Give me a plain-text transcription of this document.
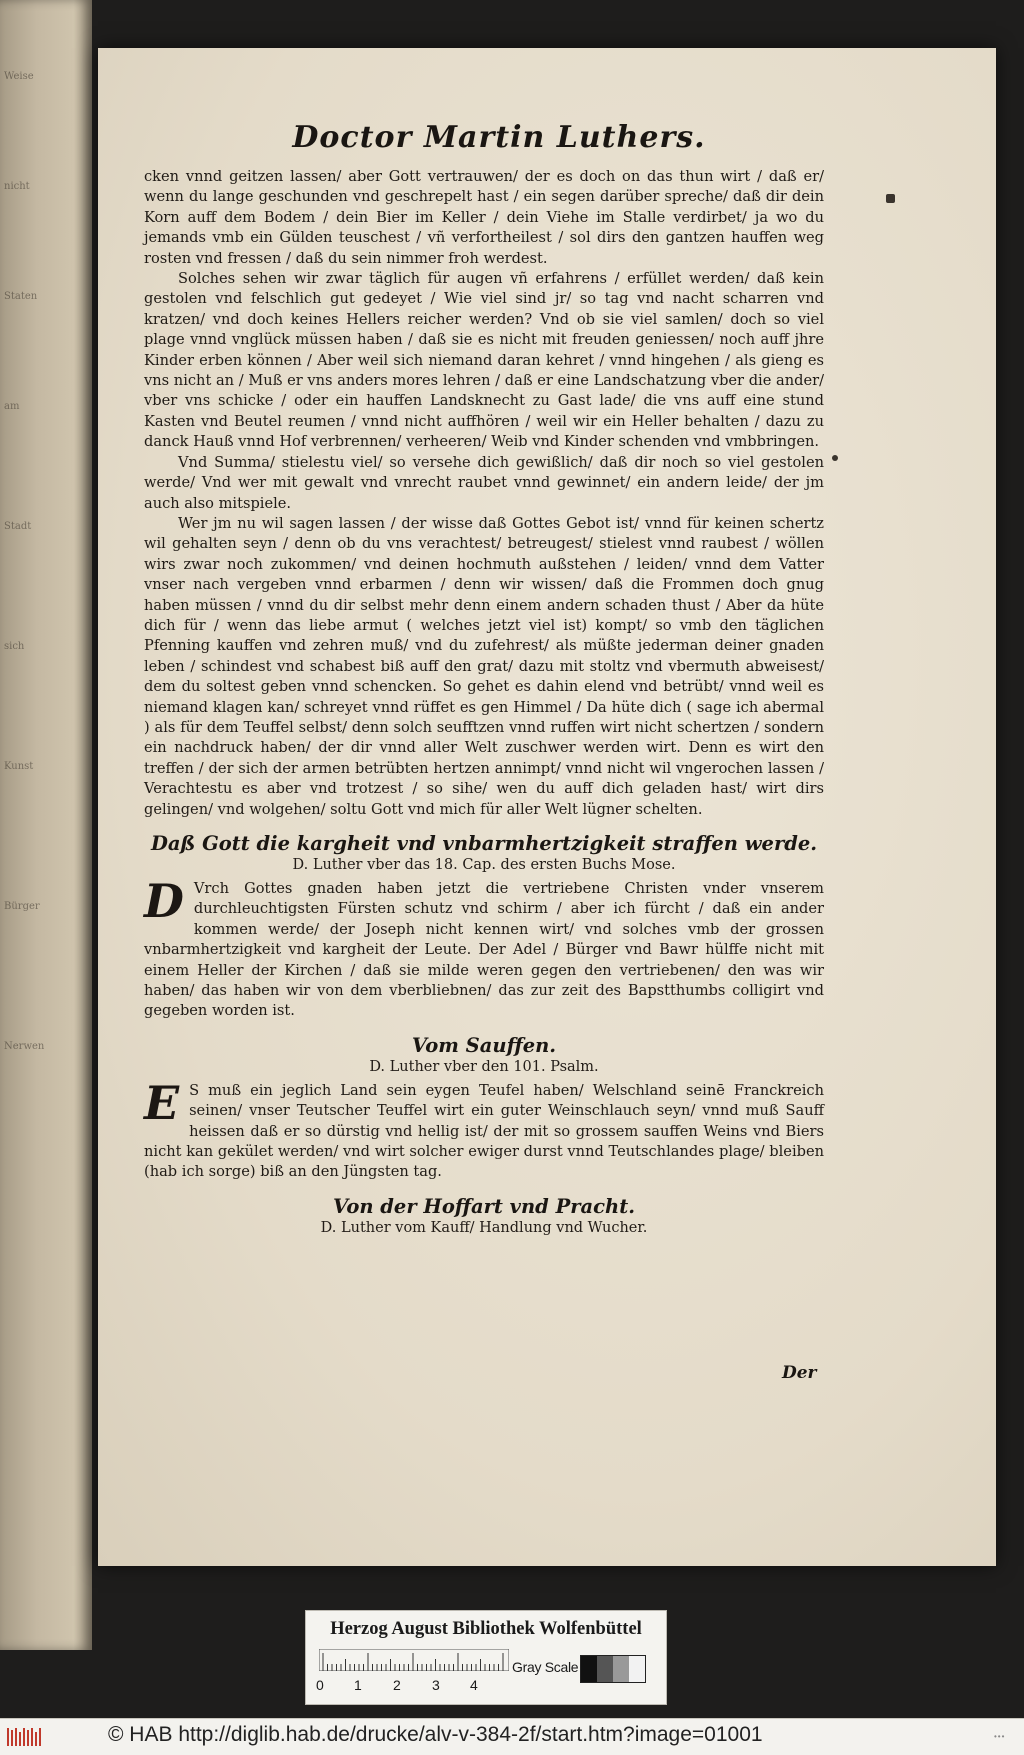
Weise
nicht
Staten
am
Stadt
sich
Kunst
Bürger
Nerwen
Doctor Martin Luthers.

cken vnnd geitzen lassen/ aber Gott vertrauwen/ der es doch on das thun wirt / daß er/ wenn du lange geschunden vnd geschrepelt hast / ein segen darüber spreche/ daß dir dein Korn auff dem Bodem / dein Bier im Keller / dein Viehe im Stalle verdirbet/ ja wo du jemands vmb ein Gülden teuschest / vñ verfortheilest / sol dirs den gantzen hauffen weg rosten vnd fressen / daß du sein nimmer froh werdest.

Solches sehen wir zwar täglich für augen vñ erfahrens / erfüllet werden/ daß kein gestolen vnd felschlich gut gedeyet / Wie viel sind jr/ so tag vnd nacht scharren vnd kratzen/ vnd doch keines Hellers reicher werden? Vnd ob sie viel samlen/ doch so viel plage vnnd vnglück müssen haben / daß sie es nicht mit freuden geniessen/ noch auff jhre Kinder erben können / Aber weil sich niemand daran kehret / vnnd hingehen / als gieng es vns nicht an / Muß er vns anders mores lehren / daß er eine Landschatzung vber die ander/ vber vns schicke / oder ein hauffen Landsknecht zu Gast lade/ die vns auff eine stund Kasten vnd Beutel reumen / vnnd nicht auffhören / weil wir ein Heller behalten / dazu zu danck Hauß vnnd Hof verbrennen/ verheeren/ Weib vnd Kinder schenden vnd vmbbringen.

Vnd Summa/ stielestu viel/ so versehe dich gewißlich/ daß dir noch so viel gestolen werde/ Vnd wer mit gewalt vnd vnrecht raubet vnnd gewinnet/ ein andern leide/ der jm auch also mitspiele.

Wer jm nu wil sagen lassen / der wisse daß Gottes Gebot ist/ vnnd für keinen schertz wil gehalten seyn / denn ob du vns verachtest/ betreugest/ stielest vnnd raubest / wöllen wirs zwar noch zukommen/ vnd deinen hochmuth außstehen / leiden/ vnnd dem Vatter vnser nach vergeben vnnd erbarmen / denn wir wissen/ daß die Frommen doch gnug haben müssen / vnnd du dir selbst mehr denn einem andern schaden thust / Aber da hüte dich für / wenn das liebe armut ( welches jetzt viel ist) kompt/ so vmb den täglichen Pfenning kauffen vnd zehren muß/ vnd du zufehrest/ als müßte jederman deiner gnaden leben / schindest vnd schabest biß auff den grat/ dazu mit stoltz vnd vbermuth abweisest/ dem du soltest geben vnnd schencken. So gehet es dahin elend vnd betrübt/ vnnd weil es niemand klagen kan/ schreyet vnnd rüffet es gen Himmel / Da hüte dich ( sage ich abermal ) als für dem Teuffel selbst/ denn solch seufftzen vnnd ruffen wirt nicht schertzen / sondern ein nachdruck haben/ der dir vnnd aller Welt zuschwer werden wirt. Denn es wirt den treffen / der sich der armen betrübten hertzen annimpt/ vnnd nicht wil vngerochen lassen / Verachtestu es aber vnd trotzest / so sihe/ wen du auff dich geladen hast/ wirt dirs gelingen/ vnd wolgehen/ soltu Gott vnd mich für aller Welt lügner schelten.

Daß Gott die kargheit vnd vnbarmhertzigkeit straffen werde.
D. Luther vber das 18. Cap. des ersten Buchs Mose.

D Vrch Gottes gnaden haben jetzt die vertriebene Christen vnder vnserem durchleuchtigsten Fürsten schutz vnd schirm / aber ich fürcht / daß ein ander kommen werde/ der Joseph nicht kennen wirt/ vnd solches vmb der grossen vnbarmhertzigkeit vnd kargheit der Leute. Der Adel / Bürger vnd Bawr hülffe nicht mit einem Heller der Kirchen / daß sie milde weren gegen den vertriebenen/ den was wir haben/ das haben wir von dem vberbliebnen/ das zur zeit des Bapstthumbs colligirt vnd gegeben worden ist.

Vom Sauffen.
D. Luther vber den 101. Psalm.

E S muß ein jeglich Land sein eygen Teufel haben/ Welschland seinē Franckreich seinen/ vnser Teutscher Teuffel wirt ein guter Weinschlauch seyn/ vnnd muß Sauff heissen daß er so dürstig vnd hellig ist/ der mit so grossem sauffen Weins vnd Biers nicht kan gekület werden/ vnd wirt solcher ewiger durst vnnd Teutschlandes plage/ bleiben (hab ich sorge) biß an den Jüngsten tag.

Von der Hoffart vnd Pracht.
D. Luther vom Kauff/ Handlung vnd Wucher.
Der
Herzog August Bibliothek Wolfenbüttel
0 1 2 3 4
Gray Scale
© HAB http://diglib.hab.de/drucke/alv-v-384-2f/start.htm?image=01001	•••
